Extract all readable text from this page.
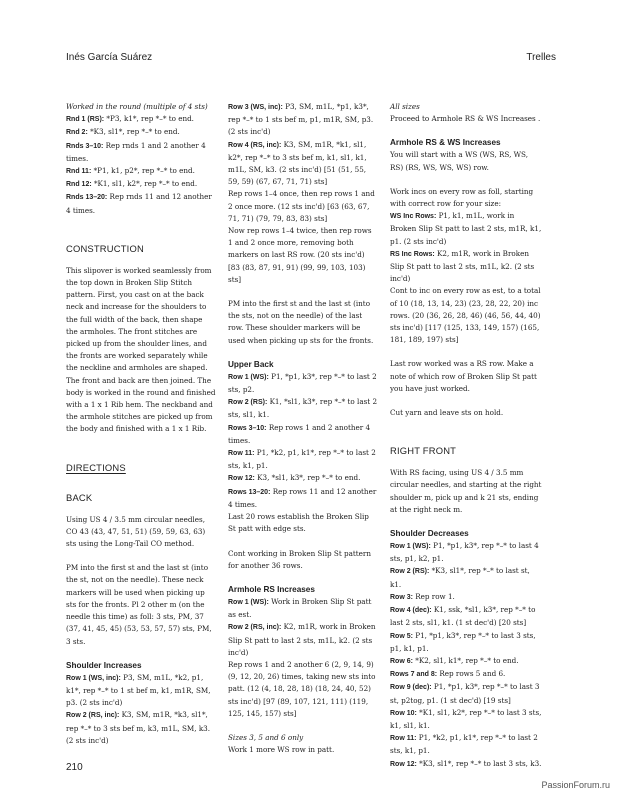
Inés García Suárez	Trelles

Worked in the round (multiple of 4 sts)

Rnd 1 (RS): *P3, k1*, rep *–* to end.

Rnd 2: *K3, sl1*, rep *–* to end.

Rnds 3–10: Rep rnds 1 and 2 another 4 times.

Rnd 11: *P1, k1, p2*, rep *–* to end.

Rnd 12: *K1, sl1, k2*, rep *–* to end.

Rnds 13–20: Rep rnds 11 and 12 another 4 times.

CONSTRUCTION

This slipover is worked seamlessly from the top down in Broken Slip Stitch pattern. First, you cast on at the back neck and increase for the shoulders to the full width of the back, then shape the armholes. The front stitches are picked up from the shoulder lines, and the fronts are worked separately while the neckline and armholes are shaped. The front and back are then joined. The body is worked in the round and finished with a 1 x 1 Rib hem. The neckband and the armhole stitches are picked up from the body and finished with a 1 x 1 Rib.

DIRECTIONS

BACK

Using US 4 / 3.5 mm circular needles, CO 43 (43, 47, 51, 51) (59, 59, 63, 63) sts using the Long-Tail CO method.

PM into the first st and the last st (into the st, not on the needle). These neck markers will be used when picking up sts for the fronts. Pl 2 other m (on the needle this time) as foll: 3 sts, PM, 37 (37, 41, 45, 45) (53, 53, 57, 57) sts, PM, 3 sts.

Shoulder Increases

Row 1 (WS, inc): P3, SM, m1L, *k2, p1, k1*, rep *–* to 1 st bef m, k1, m1R, SM, p3. (2 sts inc'd)

Row 2 (RS, inc): K3, SM, m1R, *k3, sl1*, rep *–* to 3 sts bef m, k3, m1L, SM, k3. (2 sts inc'd)

Row 3 (WS, inc): P3, SM, m1L, *p1, k3*, rep *–* to 1 sts bef m, p1, m1R, SM, p3. (2 sts inc'd)

Row 4 (RS, inc): K3, SM, m1R, *k1, sl1, k2*, rep *–* to 3 sts bef m, k1, sl1, k1, m1L, SM, k3. (2 sts inc'd) [51 (51, 55, 59, 59) (67, 67, 71, 71) sts]

Rep rows 1–4 once, then rep rows 1 and 2 once more. (12 sts inc'd) [63 (63, 67, 71, 71) (79, 79, 83, 83) sts]

Now rep rows 1–4 twice, then rep rows 1 and 2 once more, removing both markers on last RS row. (20 sts inc'd) [83 (83, 87, 91, 91) (99, 99, 103, 103) sts]

PM into the first st and the last st (into the sts, not on the needle) of the last row. These shoulder markers will be used when picking up sts for the fronts.

Upper Back

Row 1 (WS): P1, *p1, k3*, rep *–* to last 2 sts, p2.

Row 2 (RS): K1, *sl1, k3*, rep *–* to last 2 sts, sl1, k1.

Rows 3–10: Rep rows 1 and 2 another 4 times.

Row 11: P1, *k2, p1, k1*, rep *–* to last 2 sts, k1, p1.

Row 12: K3, *sl1, k3*, rep *–* to end.

Rows 13–20: Rep rows 11 and 12 another 4 times.

Last 20 rows establish the Broken Slip St patt with edge sts.

Cont working in Broken Slip St pattern for another 36 rows.

Armhole RS Increases

Row 1 (WS): Work in Broken Slip St patt as est.

Row 2 (RS, inc): K2, m1R, work in Broken Slip St patt to last 2 sts, m1L, k2. (2 sts inc'd)

Rep rows 1 and 2 another 6 (2, 9, 14, 9) (9, 12, 20, 26) times, taking new sts into patt. (12 (4, 18, 28, 18) (18, 24, 40, 52) sts inc'd) [97 (89, 107, 121, 111) (119, 125, 145, 157) sts]

Sizes 3, 5 and 6 only

Work 1 more WS row in patt.

All sizes

Proceed to Armhole RS & WS Increases .

Armhole RS & WS Increases

You will start with a WS (WS, RS, WS, RS) (RS, WS, WS, WS) row.

Work incs on every row as foll, starting with correct row for your size:

WS Inc Rows: P1, k1, m1L, work in Broken Slip St patt to last 2 sts, m1R, k1, p1. (2 sts inc'd)

RS Inc Rows: K2, m1R, work in Broken Slip St patt to last 2 sts, m1L, k2. (2 sts inc'd)

Cont to inc on every row as est, to a total of 10 (18, 13, 14, 23) (23, 28, 22, 20) inc rows. (20 (36, 26, 28, 46) (46, 56, 44, 40) sts inc'd) [117 (125, 133, 149, 157) (165, 181, 189, 197) sts]

Last row worked was a RS row. Make a note of which row of Broken Slip St patt you have just worked.

Cut yarn and leave sts on hold.

RIGHT FRONT

With RS facing, using US 4 / 3.5 mm circular needles, and starting at the right shoulder m, pick up and k 21 sts, ending at the right neck m.

Shoulder Decreases

Row 1 (WS): P1, *p1, k3*, rep *–* to last 4 sts, p1, k2, p1.

Row 2 (RS): *K3, sl1*, rep *–* to last st, k1.

Row 3: Rep row 1.

Row 4 (dec): K1, ssk, *sl1, k3*, rep *–* to last 2 sts, sl1, k1. (1 st dec'd) [20 sts]

Row 5: P1, *p1, k3*, rep *–* to last 3 sts, p1, k1, p1.

Row 6: *K2, sl1, k1*, rep *–* to end.

Rows 7 and 8: Rep rows 5 and 6.

Row 9 (dec): P1, *p1, k3*, rep *–* to last 3 st, p2tog, p1. (1 st dec'd) [19 sts]

Row 10: *K1, sl1, k2*, rep *–* to last 3 sts, k1, sl1, k1.

Row 11: P1, *k2, p1, k1*, rep *–* to last 2 sts, k1, p1.

Row 12: *K3, sl1*, rep *–* to last 3 sts, k3.

210
PassionForum.ru
